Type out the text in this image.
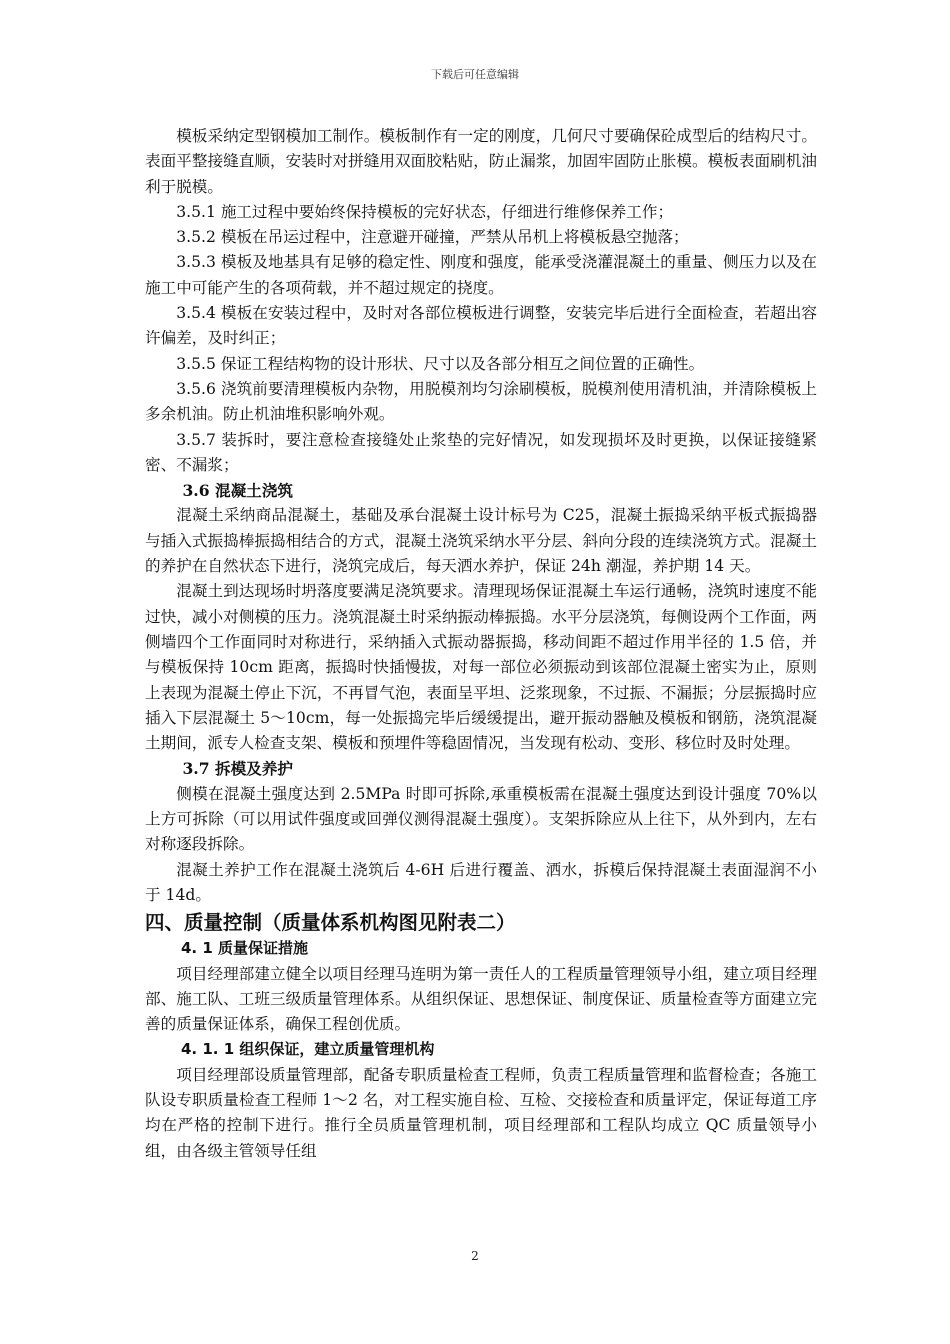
下载后可任意编辑

模板采纳定型钢模加工制作。模板制作有一定的刚度，几何尺寸要确保砼成型后的结构尺寸。表面平整接缝直顺，安装时对拼缝用双面胶粘贴，防止漏浆，加固牢固防止胀模。模板表面刷机油利于脱模。

3.5.1 施工过程中要始终保持模板的完好状态，仔细进行维修保养工作；

3.5.2 模板在吊运过程中，注意避开碰撞，严禁从吊机上将模板悬空抛落；

3.5.3 模板及地基具有足够的稳定性、刚度和强度，能承受浇灌混凝土的重量、侧压力以及在施工中可能产生的各项荷载，并不超过规定的挠度。

3.5.4 模板在安装过程中，及时对各部位模板进行调整，安装完毕后进行全面检查，若超出容许偏差，及时纠正；

3.5.5 保证工程结构物的设计形状、尺寸以及各部分相互之间位置的正确性。

3.5.6 浇筑前要清理模板内杂物，用脱模剂均匀涂刷模板，脱模剂使用清机油，并清除模板上多余机油。防止机油堆积影响外观。

3.5.7 装拆时，要注意检查接缝处止浆垫的完好情况，如发现损坏及时更换，以保证接缝紧密、不漏浆；

3.6 混凝土浇筑

混凝土采纳商品混凝土，基础及承台混凝土设计标号为 C25，混凝土振捣采纳平板式振捣器与插入式振捣棒振捣相结合的方式，混凝土浇筑采纳水平分层、斜向分段的连续浇筑方式。混凝土的养护在自然状态下进行，浇筑完成后，每天洒水养护，保证 24h 潮湿，养护期 14 天。

混凝土到达现场时坍落度要满足浇筑要求。清理现场保证混凝土车运行通畅，浇筑时速度不能过快，减小对侧模的压力。浇筑混凝土时采纳振动棒振捣。水平分层浇筑，每侧设两个工作面，两侧墙四个工作面同时对称进行，采纳插入式振动器振捣，移动间距不超过作用半径的 1.5 倍，并与模板保持 10cm 距离，振捣时快插慢拔，对每一部位必须振动到该部位混凝土密实为止，原则上表现为混凝土停止下沉，不再冒气泡，表面呈平坦、泛浆现象，不过振、不漏振；分层振捣时应插入下层混凝土 5～10cm，每一处振捣完毕后缓缓提出，避开振动器触及模板和钢筋，浇筑混凝土期间，派专人检查支架、模板和预埋件等稳固情况，当发现有松动、变形、移位时及时处理。

3.7 拆模及养护

侧模在混凝土强度达到 2.5MPa 时即可拆除,承重模板需在混凝土强度达到设计强度 70%以上方可拆除（可以用试件强度或回弹仪测得混凝土强度）。支架拆除应从上往下，从外到内，左右对称逐段拆除。

混凝土养护工作在混凝土浇筑后 4-6H 后进行覆盖、洒水，拆模后保持混凝土表面湿润不小于 14d。

四、质量控制（质量体系机构图见附表二）

4. 1 质量保证措施

项目经理部建立健全以项目经理马连明为第一责任人的工程质量管理领导小组，建立项目经理部、施工队、工班三级质量管理体系。从组织保证、思想保证、制度保证、质量检查等方面建立完善的质量保证体系，确保工程创优质。

4. 1. 1 组织保证，建立质量管理机构

项目经理部设质量管理部，配备专职质量检查工程师，负责工程质量管理和监督检查；各施工队设专职质量检查工程师 1～2 名，对工程实施自检、互检、交接检查和质量评定，保证每道工序均在严格的控制下进行。推行全员质量管理机制，项目经理部和工程队均成立 QC 质量领导小组，由各级主管领导任组

2
